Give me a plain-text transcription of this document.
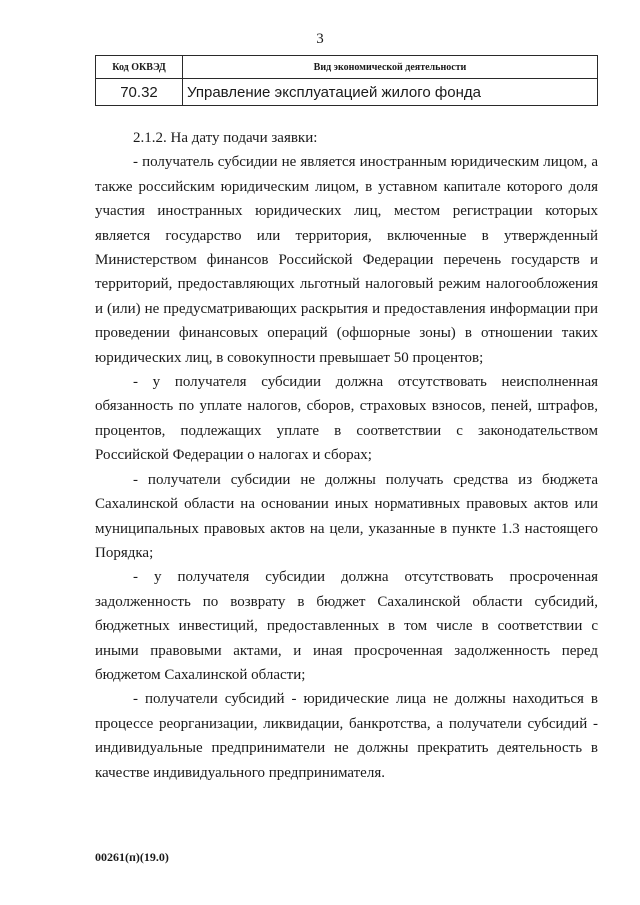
3
Код ОКВЭД	Вид экономической деятельности
70.32	Управление эксплуатацией жилого фонда

2.1.2. На дату подачи заявки:

- получатель субсидии не является иностранным юридическим лицом, а также российским юридическим лицом, в уставном капитале которого доля участия иностранных юридических лиц, местом регистрации которых является государство или территория, включенные в утвержденный Министерством финансов Российской Федерации перечень государств и территорий, предоставляющих льготный налоговый режим налогообложения и (или) не предусматривающих раскрытия и предоставления информации при проведении финансовых операций (офшорные зоны) в отношении таких юридических лиц, в совокупности превышает 50 процентов;

- у получателя субсидии должна отсутствовать неисполненная обязанность по уплате налогов, сборов, страховых взносов, пеней, штрафов, процентов, подлежащих уплате в соответствии с законодательством Российской Федерации о налогах и сборах;

- получатели субсидии не должны получать средства из бюджета Сахалинской области на основании иных нормативных правовых актов или муниципальных правовых актов на цели, указанные в пункте 1.3 настоящего Порядка;

- у получателя субсидии должна отсутствовать просроченная задолженность по возврату в бюджет Сахалинской области субсидий, бюджетных инвестиций, предоставленных в том числе в соответствии с иными правовыми актами, и иная просроченная задолженность перед бюджетом Сахалинской области;

- получатели субсидий - юридические лица не должны находиться в процессе реорганизации, ликвидации, банкротства, а получатели субсидий - индивидуальные предприниматели не должны прекратить деятельность в качестве индивидуального предпринимателя.

00261(п)(19.0)
